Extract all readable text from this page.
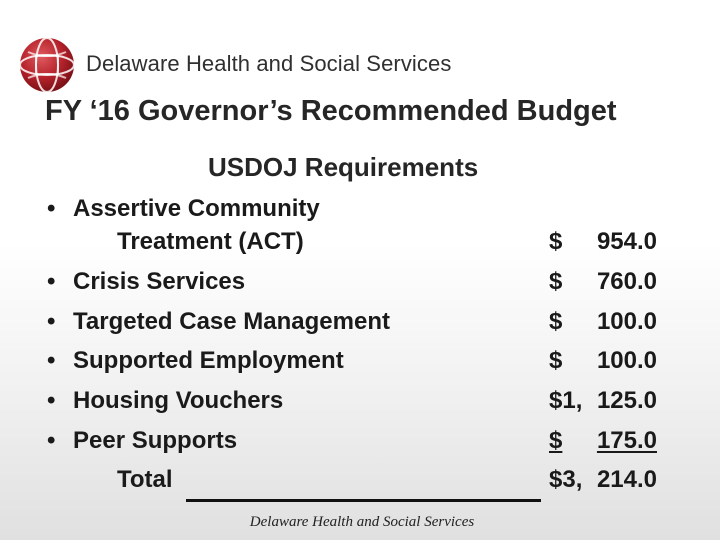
Delaware Health and Social Services
FY ‘16 Governor’s Recommended Budget
USDOJ Requirements
• Assertive Community
Treatment (ACT)	$ 954.0
• Crisis Services	$ 760.0
• Targeted Case Management	$ 100.0
• Supported Employment	$ 100.0
• Housing Vouchers	$1, 125.0
• Peer Supports	$ 175.0
Total	$3, 214.0
Delaware Health and Social Services
